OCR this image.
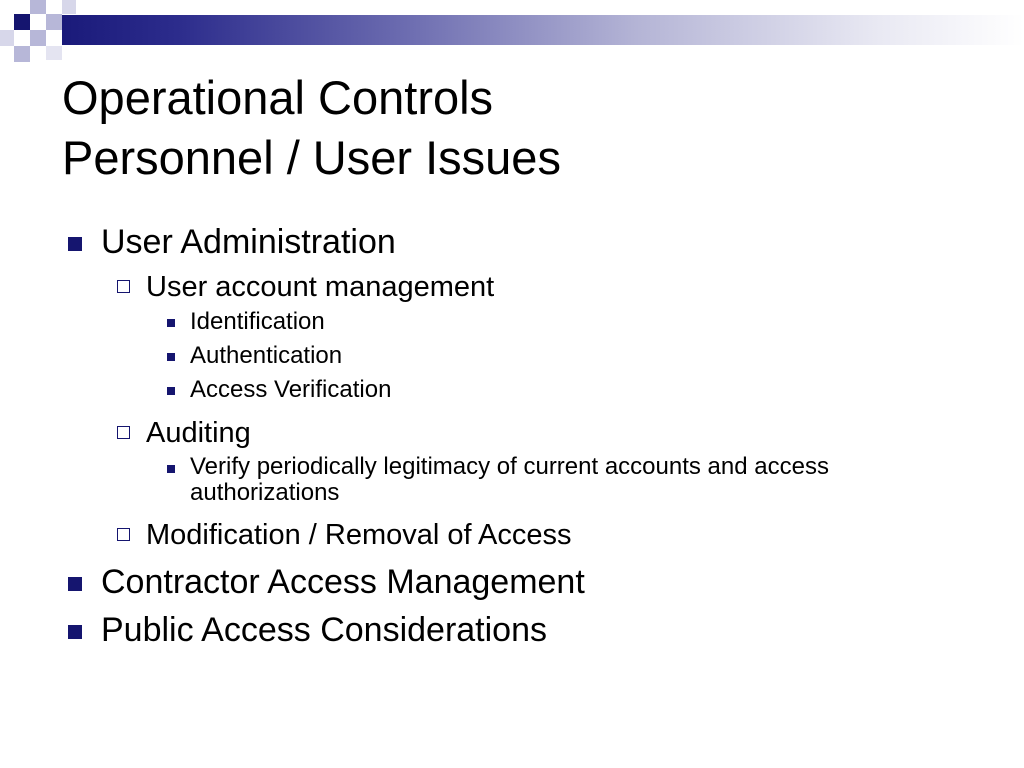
Operational Controls
Personnel / User Issues
User Administration
User account management
Identification
Authentication
Access Verification
Auditing
Verify periodically legitimacy of current accounts and access authorizations
Modification / Removal of Access
Contractor Access Management
Public Access Considerations
